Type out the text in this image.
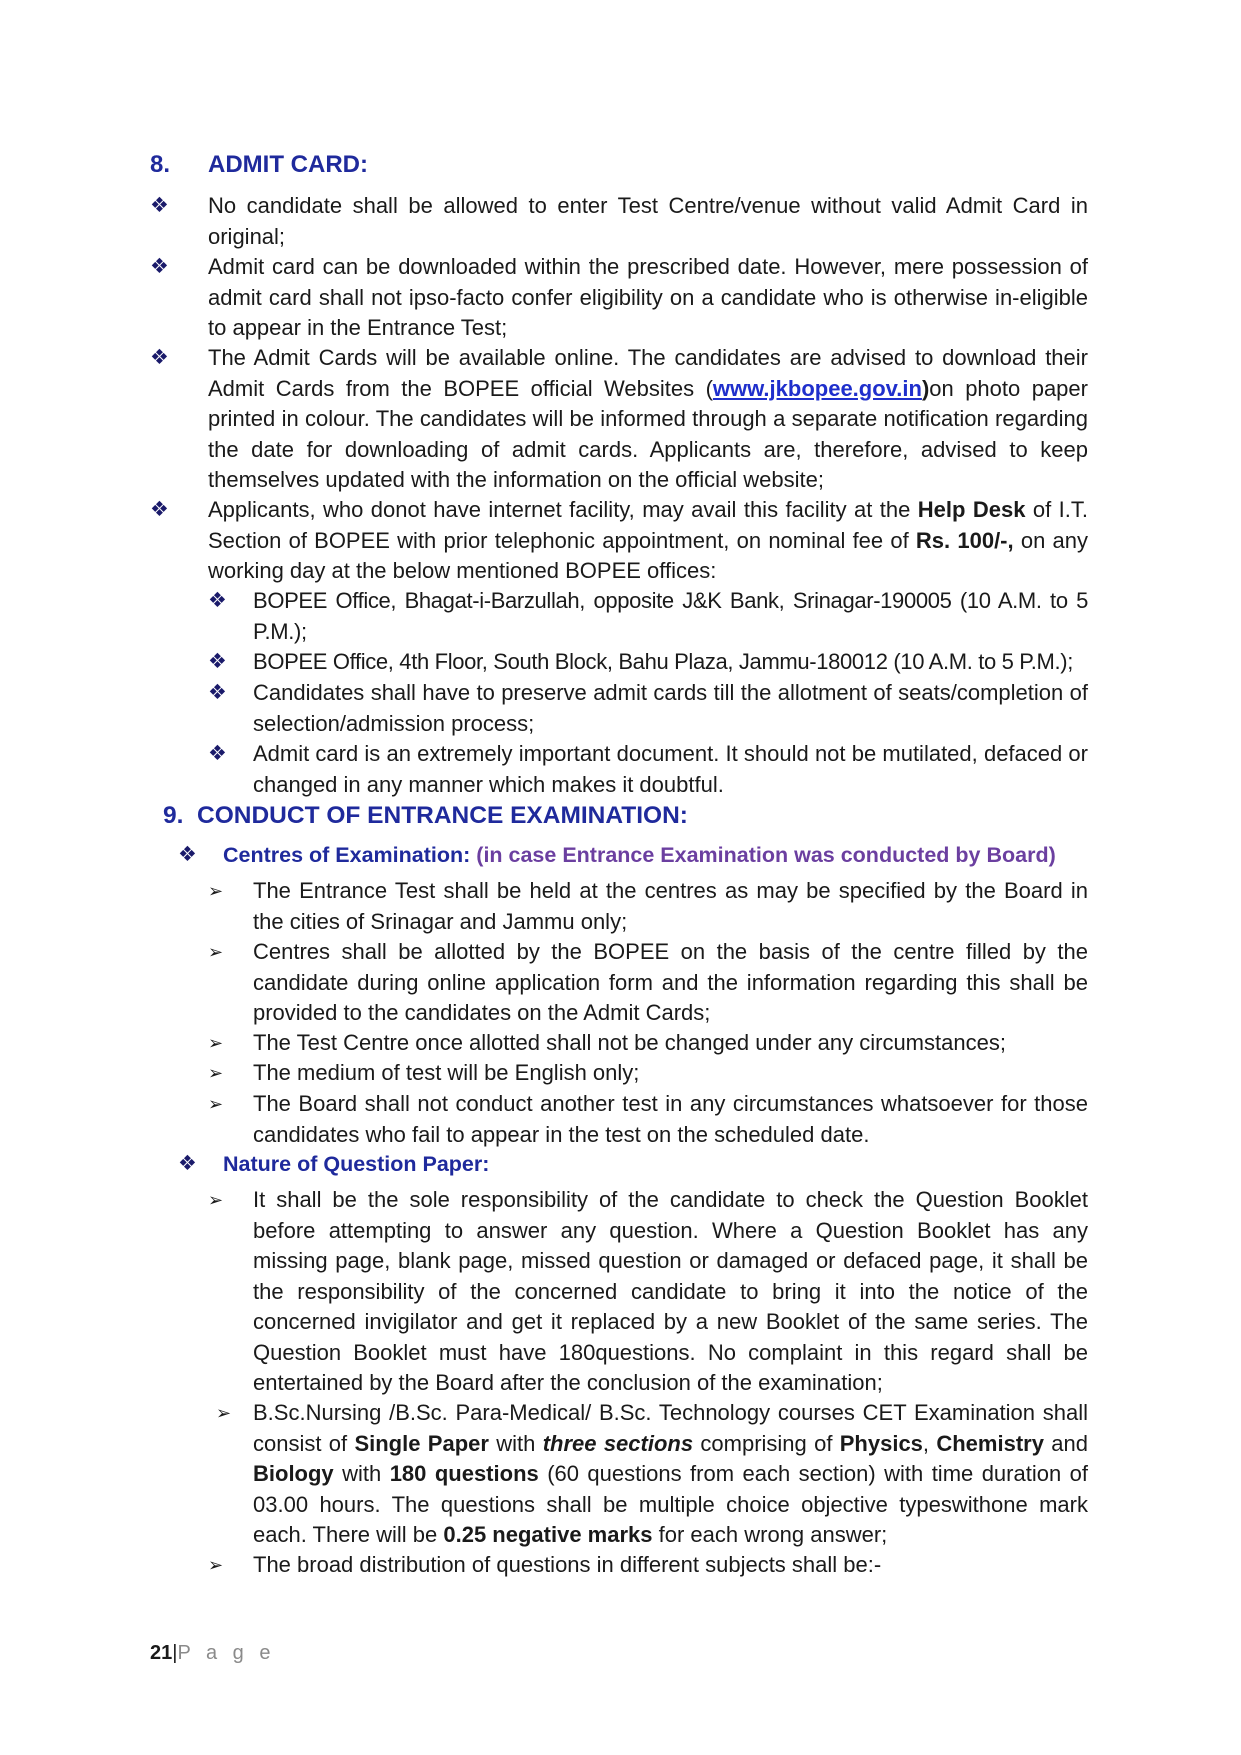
8. ADMIT CARD:
❖ No candidate shall be allowed to enter Test Centre/venue without valid Admit Card in original;
❖ Admit card can be downloaded within the prescribed date. However, mere possession of admit card shall not ipso-facto confer eligibility on a candidate who is otherwise in-eligible to appear in the Entrance Test;
❖ The Admit Cards will be available online. The candidates are advised to download their Admit Cards from the BOPEE official Websites (www.jkbopee.gov.in)on photo paper printed in colour. The candidates will be informed through a separate notification regarding the date for downloading of admit cards. Applicants are, therefore, advised to keep themselves updated with the information on the official website;
❖ Applicants, who donot have internet facility, may avail this facility at the Help Desk of I.T. Section of BOPEE with prior telephonic appointment, on nominal fee of Rs. 100/-, on any working day at the below mentioned BOPEE offices:
❖ BOPEE Office, Bhagat-i-Barzullah, opposite J&K Bank, Srinagar-190005 (10 A.M. to 5 P.M.);
❖ BOPEE Office, 4th Floor, South Block, Bahu Plaza, Jammu-180012 (10 A.M. to 5 P.M.);
❖ Candidates shall have to preserve admit cards till the allotment of seats/completion of selection/admission process;
❖ Admit card is an extremely important document. It should not be mutilated, defaced or changed in any manner which makes it doubtful.
9.  CONDUCT OF ENTRANCE EXAMINATION:
❖ Centres of Examination: (in case Entrance Examination was conducted by Board)
➢ The Entrance Test shall be held at the centres as may be specified by the Board in the cities of Srinagar and Jammu only;
➢ Centres shall be allotted by the BOPEE on the basis of the centre filled by the candidate during online application form and the information regarding this shall be provided to the candidates on the Admit Cards;
➢ The Test Centre once allotted shall not be changed under any circumstances;
➢ The medium of test will be English only;
➢ The Board shall not conduct another test in any circumstances whatsoever for those candidates who fail to appear in the test on the scheduled date.
❖ Nature of Question Paper:
➢ It shall be the sole responsibility of the candidate to check the Question Booklet before attempting to answer any question. Where a Question Booklet has any missing page, blank page, missed question or damaged or defaced page, it shall be the responsibility of the concerned candidate to bring it into the notice of the concerned invigilator and get it replaced by a new Booklet of the same series. The Question Booklet must have 180questions. No complaint in this regard shall be entertained by the Board after the conclusion of the examination;
➢ B.Sc.Nursing /B.Sc. Para-Medical/ B.Sc. Technology courses CET Examination shall consist of Single Paper with three sections comprising of Physics, Chemistry and Biology with 180 questions (60 questions from each section) with time duration of 03.00 hours. The questions shall be multiple choice objective typeswithone mark each. There will be 0.25 negative marks for each wrong answer;
➢ The broad distribution of questions in different subjects shall be:-
21|P a g e
